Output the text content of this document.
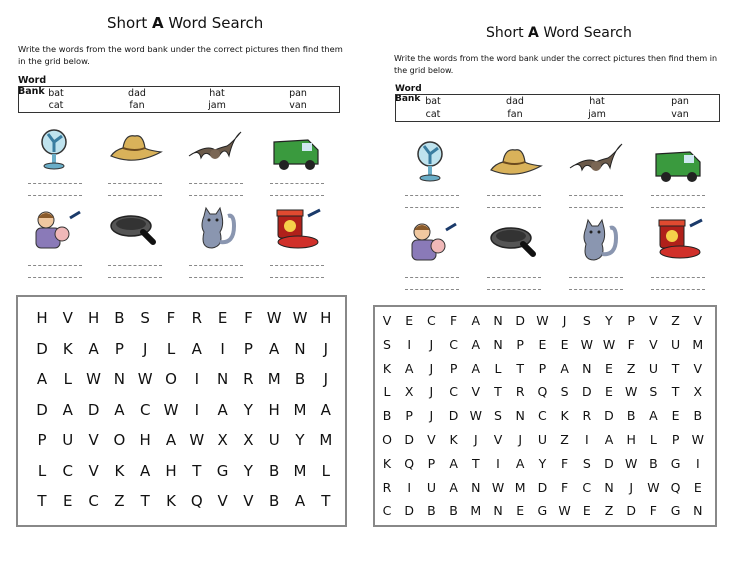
Short A Word Search
Write the words from the word bank under the correct pictures then find them in the grid below.
Word Bank bat	dad	hat	pan
cat	fan	jam	van
H V H B S F R E F W W H
D K A P J L A I P A N J
A L W N W O I N R M B J
D A D A C W I A Y H M A
P U V O H A W X X U Y M
L C V K A H T G Y B M L
T E C Z T K Q V V B A T
Short A Word Search
Write the words from the word bank under the correct pictures then find them in the grid below.
Word Bank bat	dad	hat	pan
cat	fan	jam	van
V E C F A N D W J S Y P V Z V
S I J C A N P E E W W F V U M
K A J P A L T P A N E Z U T V
L X J C V T R Q S D E W S T X
B P J D W S N C K R D B A E B
O D V K J V J U Z I A H L P W
K Q P A T I A Y F S D W B G I
R I U A N W M D F C N J W Q E
C D B B M N E G W E Z D F G N
